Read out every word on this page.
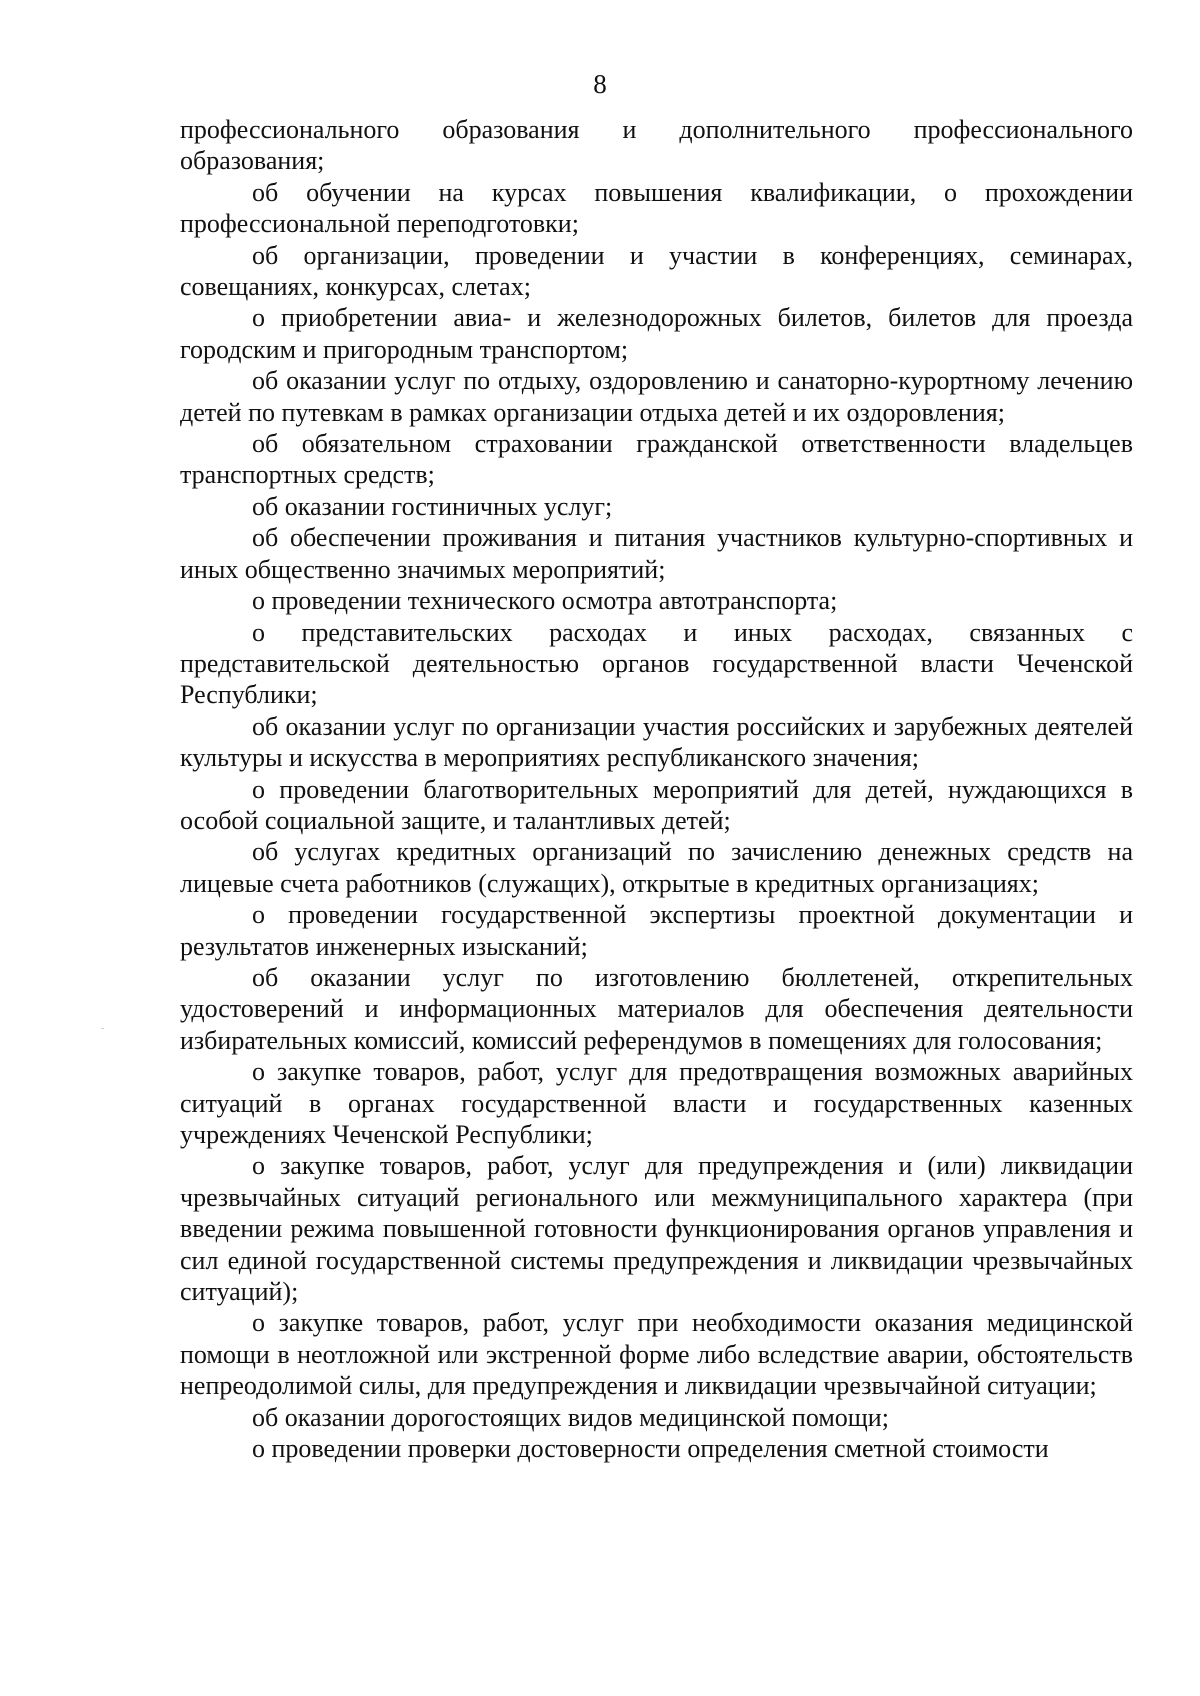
8

профессионального образования и дополнительного профессионального образования;

об обучении на курсах повышения квалификации, о прохождении профессиональной переподготовки;

об организации, проведении и участии в конференциях, семинарах, совещаниях, конкурсах, слетах;

о приобретении авиа- и железнодорожных билетов, билетов для проезда городским и пригородным транспортом;

об оказании услуг по отдыху, оздоровлению и санаторно-курортному лечению детей по путевкам в рамках организации отдыха детей и их оздоровления;

об обязательном страховании гражданской ответственности владельцев транспортных средств;

об оказании гостиничных услуг;

об обеспечении проживания и питания участников культурно-спортивных и иных общественно значимых мероприятий;

о проведении технического осмотра автотранспорта;

о представительских расходах и иных расходах, связанных с представительской деятельностью органов государственной власти Чеченской Республики;

об оказании услуг по организации участия российских и зарубежных деятелей культуры и искусства в мероприятиях республиканского значения;

о проведении благотворительных мероприятий для детей, нуждающихся в особой социальной защите, и талантливых детей;

об услугах кредитных организаций по зачислению денежных средств на лицевые счета работников (служащих), открытые в кредитных организациях;

о проведении государственной экспертизы проектной документации и результатов инженерных изысканий;

об оказании услуг по изготовлению бюллетеней, открепительных удостоверений и информационных материалов для обеспечения деятельности избирательных комиссий, комиссий референдумов в помещениях для голосования;

о закупке товаров, работ, услуг для предотвращения возможных аварийных ситуаций в органах государственной власти и государственных казенных учреждениях Чеченской Республики;

о закупке товаров, работ, услуг для предупреждения и (или) ликвидации чрезвычайных ситуаций регионального или межмуниципального характера (при введении режима повышенной готовности функционирования органов управления и сил единой государственной системы предупреждения и ликвидации чрезвычайных ситуаций);

о закупке товаров, работ, услуг при необходимости оказания медицинской помощи в неотложной или экстренной форме либо вследствие аварии, обстоятельств непреодолимой силы, для предупреждения и ликвидации чрезвычайной ситуации;

об оказании дорогостоящих видов медицинской помощи;

о проведении проверки достоверности определения сметной стоимости
